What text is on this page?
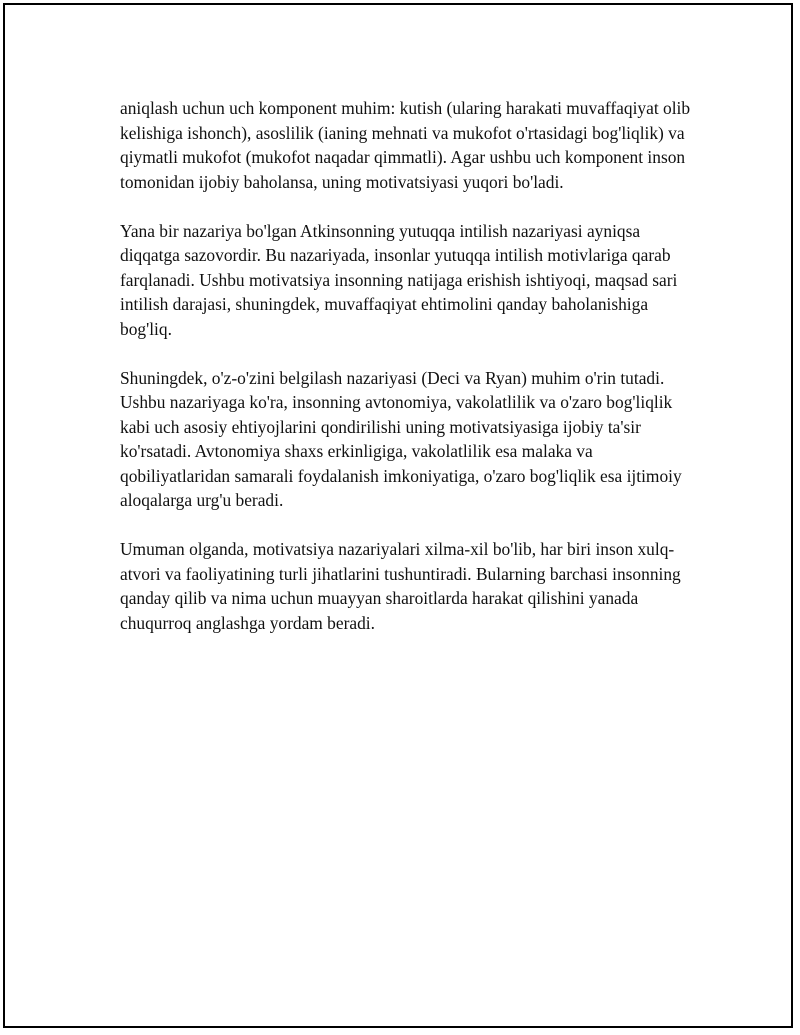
aniqlash uchun uch komponent muhim: kutish (ularing harakati muvaffaqiyat olib kelishiga ishonch), asoslilik (ianing mehnati va mukofot o'rtasidagi bog'liqlik) va qiymatli mukofot (mukofot naqadar qimmatli). Agar ushbu uch komponent inson tomonidan ijobiy baholansa, uning motivatsiyasi yuqori bo'ladi.

Yana bir nazariya bo'lgan Atkinsonning yutuqqa intilish nazariyasi ayniqsa diqqatga sazovordir. Bu nazariyada, insonlar yutuqqa intilish motivlariga qarab farqlanadi. Ushbu motivatsiya insonning natijaga erishish ishtiyoqi, maqsad sari intilish darajasi, shuningdek, muvaffaqiyat ehtimolini qanday baholanishiga bog'liq.

Shuningdek, o'z-o'zini belgilash nazariyasi (Deci va Ryan) muhim o'rin tutadi. Ushbu nazariyaga ko'ra, insonning avtonomiya, vakolatlilik va o'zaro bog'liqlik kabi uch asosiy ehtiyojlarini qondirilishi uning motivatsiyasiga ijobiy ta'sir ko'rsatadi. Avtonomiya shaxs erkinligiga, vakolatlilik esa malaka va qobiliyatlaridan samarali foydalanish imkoniyatiga, o'zaro bog'liqlik esa ijtimoiy aloqalarga urg'u beradi.

Umuman olganda, motivatsiya nazariyalari xilma-xil bo'lib, har biri inson xulq-atvori va faoliyatining turli jihatlarini tushuntiradi. Bularning barchasi insonning qanday qilib va nima uchun muayyan sharoitlarda harakat qilishini yanada chuqurroq anglashga yordam beradi.
